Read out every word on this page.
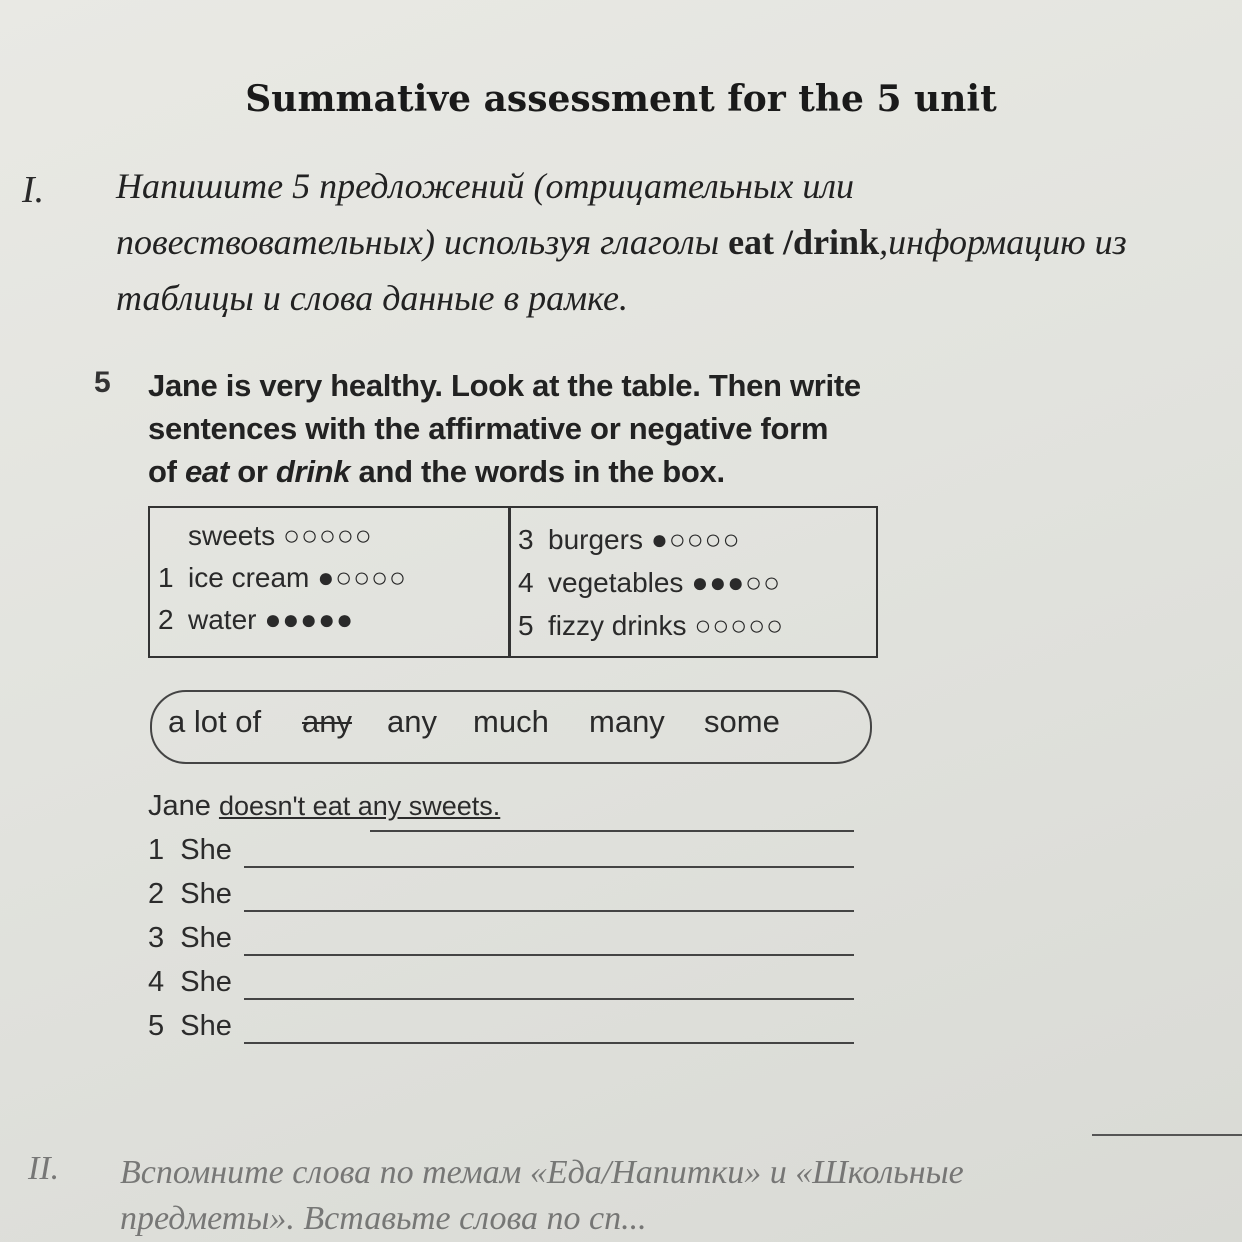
Summative assessment for the 5 unit
I. Напишите 5 предложений (отрицательных или
повествовательных) используя глаголы eat /drink,информацию из
таблицы и слова данные в рамке.
5 Jane is very healthy. Look at the table. Then write
sentences with the affirmative or negative form
of eat or drink and the words in the box.
sweets ○○○○○
1 ice cream ●○○○○
2 water ●●●●●
3 burgers ●○○○○
4 vegetables ●●●○○
5 fizzy drinks ○○○○○
a lot of any any much many some
Jane doesn't eat any sweets.
1 She
2 She
3 She
4 She
5 She
II. Вспомните слова по темам «Еда/Напитки» и «Школьные
предметы». Вставьте слова по сп...
